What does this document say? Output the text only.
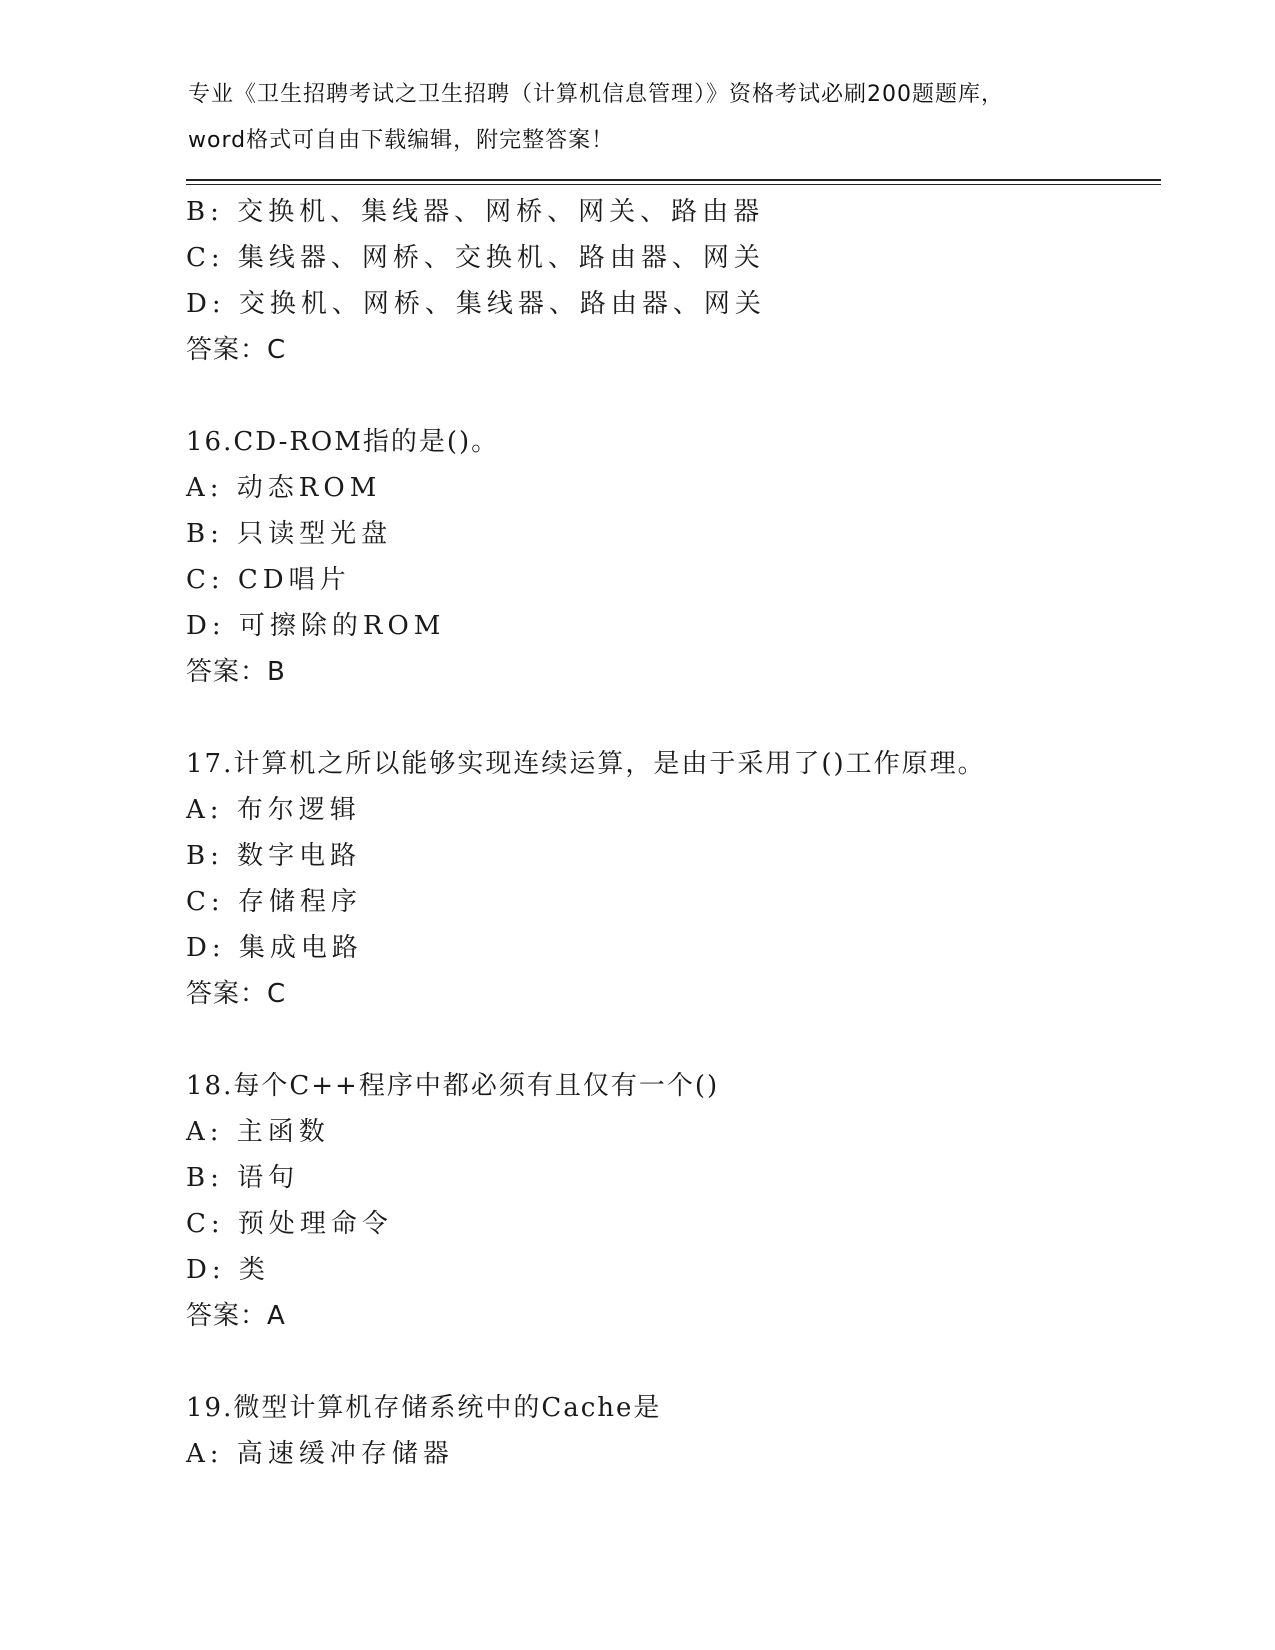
专业《卫生招聘考试之卫生招聘（计算机信息管理）》资格考试必刷200题题库，
word格式可自由下载编辑，附完整答案！
B: 交换机、集线器、网桥、网关、路由器
C: 集线器、网桥、交换机、路由器、网关
D: 交换机、网桥、集线器、路由器、网关
答案：C
16.CD-ROM指的是()。
A: 动态ROM
B: 只读型光盘
C: CD唱片
D: 可擦除的ROM
答案：B
17.计算机之所以能够实现连续运算，是由于采用了()工作原理。
A: 布尔逻辑
B: 数字电路
C: 存储程序
D: 集成电路
答案：C
18.每个C++程序中都必须有且仅有一个()
A: 主函数
B: 语句
C: 预处理命令
D: 类
答案：A
19.微型计算机存储系统中的Cache是
A: 高速缓冲存储器
